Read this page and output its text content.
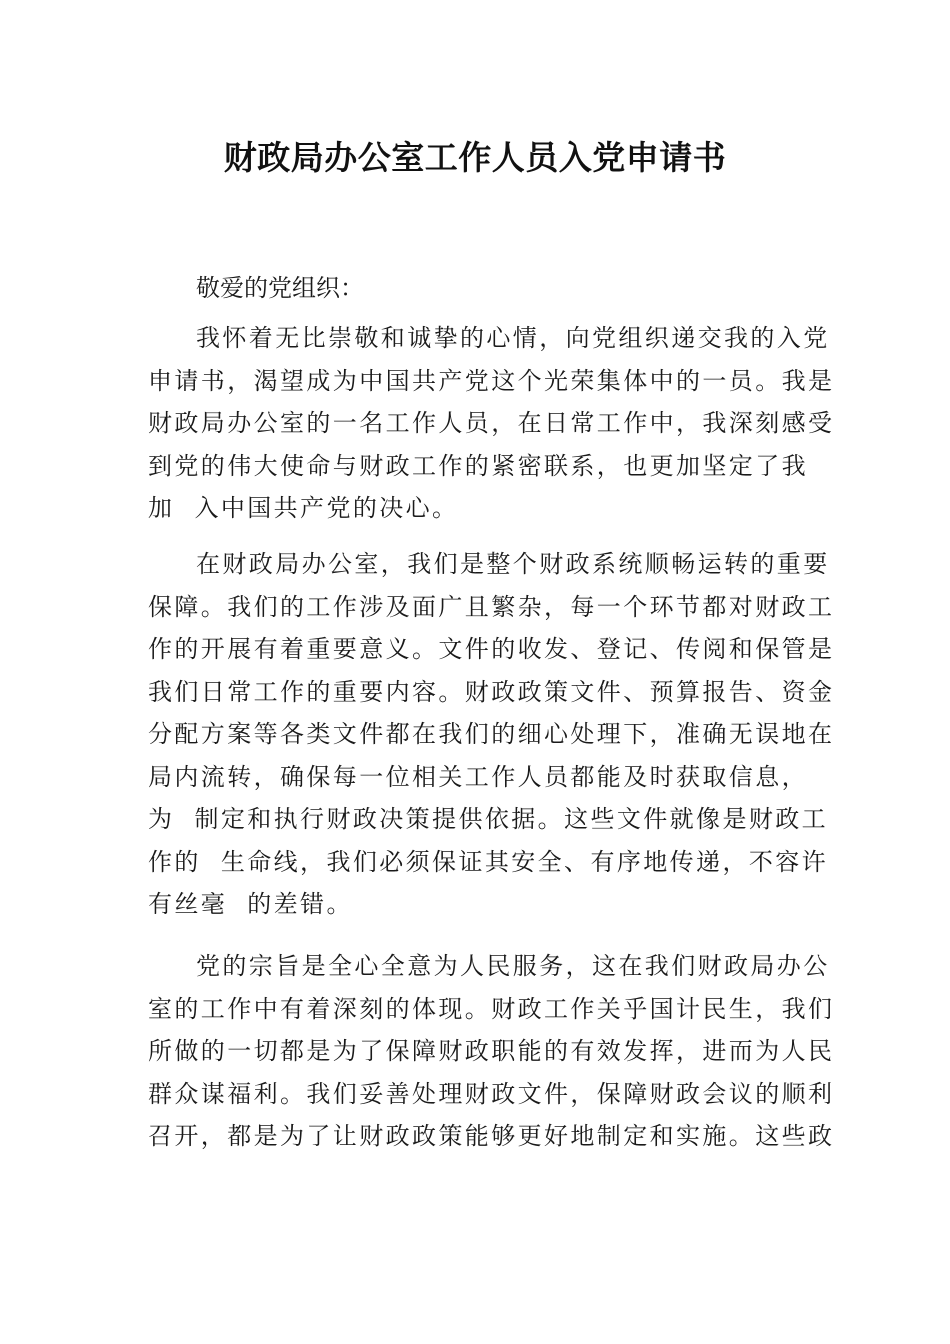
财政局办公室工作人员入党申请书

敬爱的党组织：

我怀着无比崇敬和诚挚的心情，向党组织递交我的入党
申请书，渴望成为中国共产党这个光荣集体中的一员。我是
财政局办公室的一名工作人员，在日常工作中，我深刻感受
到党的伟大使命与财政工作的紧密联系，也更加坚定了我
加  入中国共产党的决心。
在财政局办公室，我们是整个财政系统顺畅运转的重要
保障。我们的工作涉及面广且繁杂，每一个环节都对财政工
作的开展有着重要意义。文件的收发、登记、传阅和保管是
我们日常工作的重要内容。财政政策文件、预算报告、资金
分配方案等各类文件都在我们的细心处理下，准确无误地在
局内流转，确保每一位相关工作人员都能及时获取信息，
为  制定和执行财政决策提供依据。这些文件就像是财政工
作的  生命线，我们必须保证其安全、有序地传递，不容许
有丝毫  的差错。
党的宗旨是全心全意为人民服务，这在我们财政局办公
室的工作中有着深刻的体现。财政工作关乎国计民生，我们
所做的一切都是为了保障财政职能的有效发挥，进而为人民
群众谋福利。我们妥善处理财政文件，保障财政会议的顺利
召开，都是为了让财政政策能够更好地制定和实施。这些政
